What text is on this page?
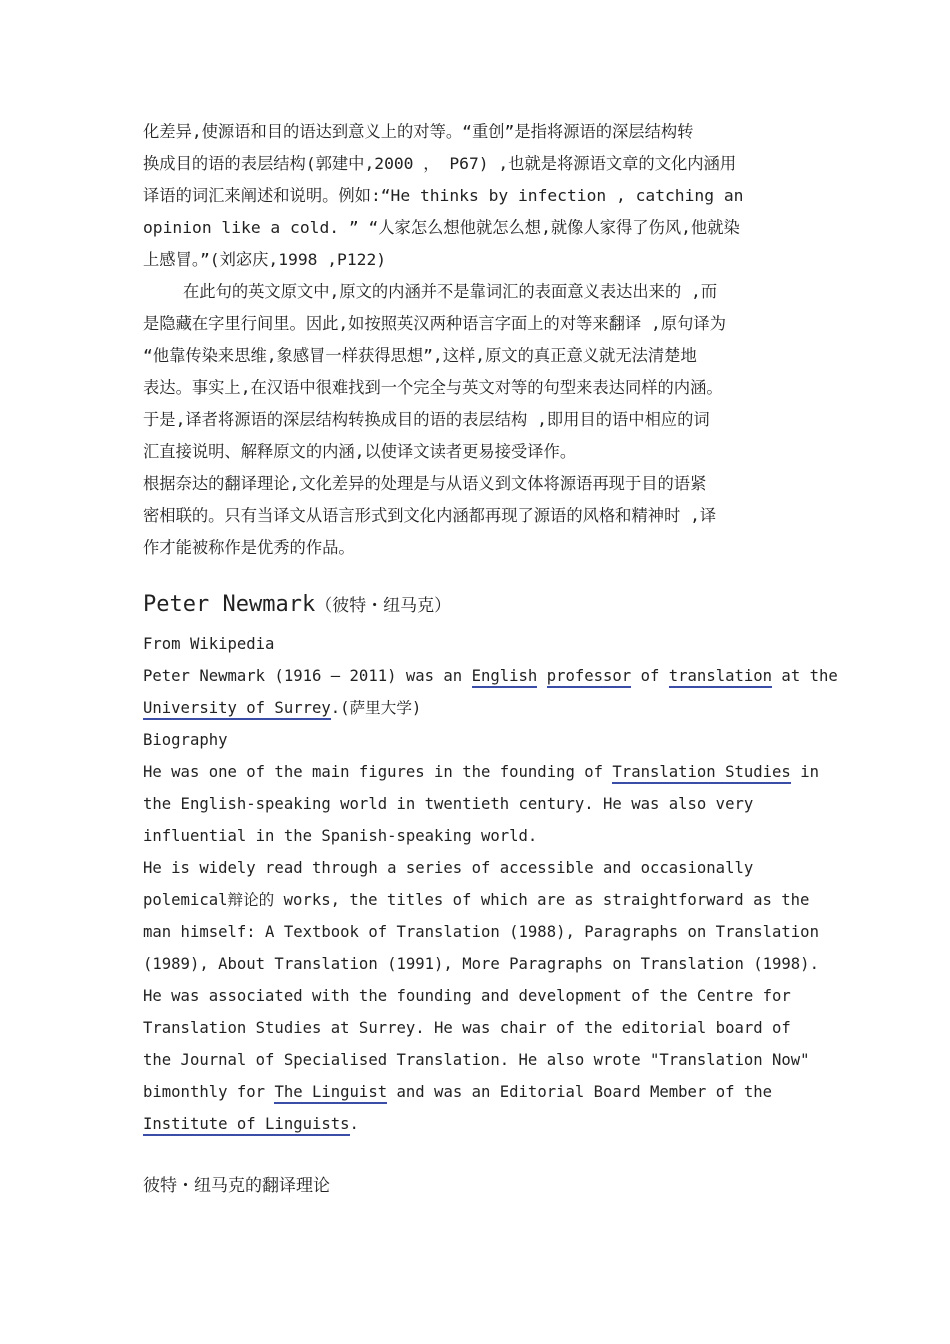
化差异,使源语和目的语达到意义上的对等。“重创”是指将源语的深层结构转
换成目的语的表层结构(郭建中,2000 ， P67) ,也就是将源语文章的文化内涵用
译语的词汇来阐述和说明。例如:“He thinks by infection , catching an
opinion like a cold. ” “人家怎么想他就怎么想,就像人家得了伤风,他就染
上感冒。”(刘宓庆,1998 ,P122)
在此句的英文原文中,原文的内涵并不是靠词汇的表面意义表达出来的 ,而
是隐藏在字里行间里。因此,如按照英汉两种语言字面上的对等来翻译 ,原句译为
“他靠传染来思维,象感冒一样获得思想”,这样,原文的真正意义就无法清楚地
表达。事实上,在汉语中很难找到一个完全与英文对等的句型来表达同样的内涵。
于是,译者将源语的深层结构转换成目的语的表层结构 ,即用目的语中相应的词
汇直接说明、解释原文的内涵,以使译文读者更易接受译作。
根据奈达的翻译理论,文化差异的处理是与从语义到文体将源语再现于目的语紧
密相联的。只有当译文从语言形式到文化内涵都再现了源语的风格和精神时 ,译
作才能被称作是优秀的作品。
Peter Newmark（彼特・纽马克）
From Wikipedia
Peter Newmark (1916 – 2011) was an English professor of translation at the
University of Surrey.(萨里大学)
Biography
He was one of the main figures in the founding of Translation Studies in
the English-speaking world in twentieth century. He was also very
influential in the Spanish-speaking world.
He is widely read through a series of accessible and occasionally
polemical辩论的 works, the titles of which are as straightforward as the
man himself: A Textbook of Translation (1988), Paragraphs on Translation
(1989), About Translation (1991), More Paragraphs on Translation (1998).
He was associated with the founding and development of the Centre for
Translation Studies at Surrey. He was chair of the editorial board of
the Journal of Specialised Translation. He also wrote "Translation Now"
bimonthly for The Linguist and was an Editorial Board Member of the
Institute of Linguists.
彼特・纽马克的翻译理论
